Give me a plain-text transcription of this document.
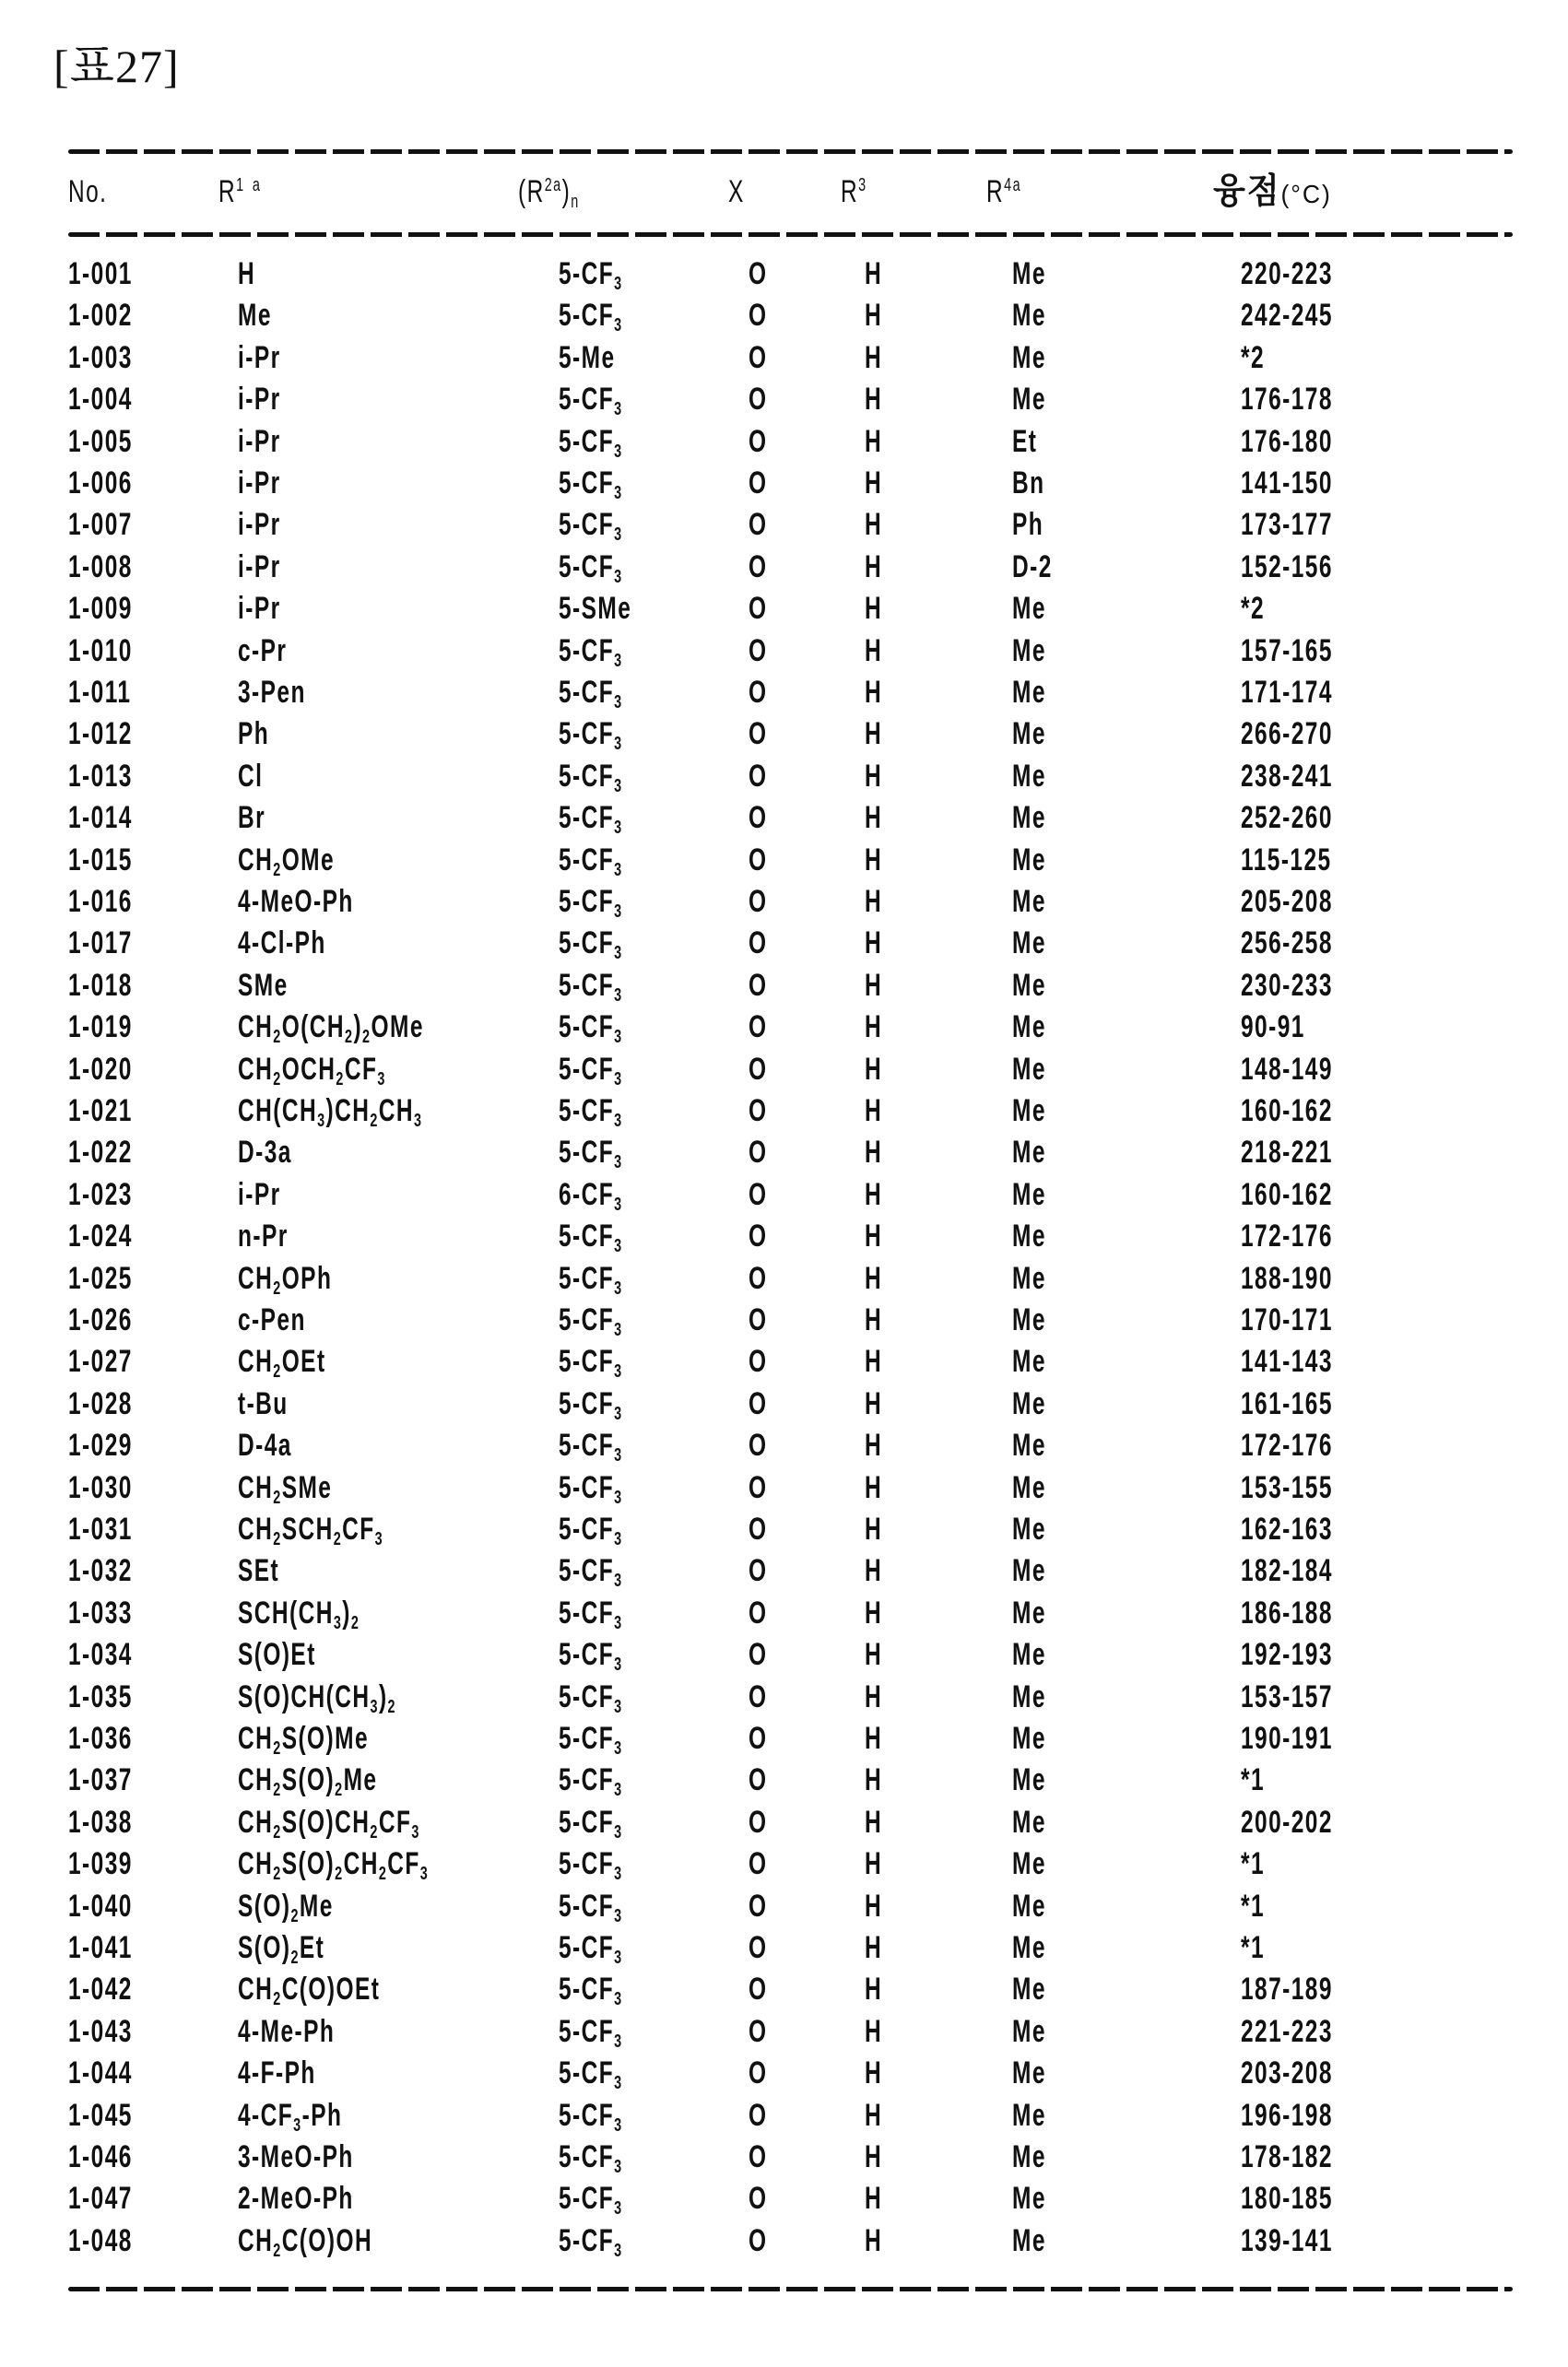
[표27]
No.	$R^1$ $^a$	$(R^{2a})_n$	X	$R^3$	$R^{4a}$	융점(°C)
1-001	H	$5-CF_3$	O	H	Me	220-223
1-002	Me	$5-CF_3$	O	H	Me	242-245
1-003	i-Pr	5-Me	O	H	Me	*2
1-004	i-Pr	$5-CF_3$	O	H	Me	176-178
1-005	i-Pr	$5-CF_3$	O	H	Et	176-180
1-006	i-Pr	$5-CF_3$	O	H	Bn	141-150
1-007	i-Pr	$5-CF_3$	O	H	Ph	173-177
1-008	i-Pr	$5-CF_3$	O	H	D-2	152-156
1-009	i-Pr	5-SMe	O	H	Me	*2
1-010	c-Pr	$5-CF_3$	O	H	Me	157-165
1-011	3-Pen	$5-CF_3$	O	H	Me	171-174
1-012	Ph	$5-CF_3$	O	H	Me	266-270
1-013	Cl	$5-CF_3$	O	H	Me	238-241
1-014	Br	$5-CF_3$	O	H	Me	252-260
1-015	$CH_2OMe$	$5-CF_3$	O	H	Me	115-125
1-016	4-MeO-Ph	$5-CF_3$	O	H	Me	205-208
1-017	4-Cl-Ph	$5-CF_3$	O	H	Me	256-258
1-018	SMe	$5-CF_3$	O	H	Me	230-233
1-019	$CH_2O(CH_2)_2OMe$	$5-CF_3$	O	H	Me	90-91
1-020	$CH_2OCH_2CF_3$	$5-CF_3$	O	H	Me	148-149
1-021	$CH(CH_3)CH_2CH_3$	$5-CF_3$	O	H	Me	160-162
1-022	D-3a	$5-CF_3$	O	H	Me	218-221
1-023	i-Pr	$6-CF_3$	O	H	Me	160-162
1-024	n-Pr	$5-CF_3$	O	H	Me	172-176
1-025	$CH_2OPh$	$5-CF_3$	O	H	Me	188-190
1-026	c-Pen	$5-CF_3$	O	H	Me	170-171
1-027	$CH_2OEt$	$5-CF_3$	O	H	Me	141-143
1-028	t-Bu	$5-CF_3$	O	H	Me	161-165
1-029	D-4a	$5-CF_3$	O	H	Me	172-176
1-030	$CH_2SMe$	$5-CF_3$	O	H	Me	153-155
1-031	$CH_2SCH_2CF_3$	$5-CF_3$	O	H	Me	162-163
1-032	SEt	$5-CF_3$	O	H	Me	182-184
1-033	$SCH(CH_3)_2$	$5-CF_3$	O	H	Me	186-188
1-034	S(O)Et	$5-CF_3$	O	H	Me	192-193
1-035	$S(O)CH(CH_3)_2$	$5-CF_3$	O	H	Me	153-157
1-036	$CH_2S(O)Me$	$5-CF_3$	O	H	Me	190-191
1-037	$CH_2S(O)_2Me$	$5-CF_3$	O	H	Me	*1
1-038	$CH_2S(O)CH_2CF_3$	$5-CF_3$	O	H	Me	200-202
1-039	$CH_2S(O)_2CH_2CF_3$	$5-CF_3$	O	H	Me	*1
1-040	$S(O)_2Me$	$5-CF_3$	O	H	Me	*1
1-041	$S(O)_2Et$	$5-CF_3$	O	H	Me	*1
1-042	$CH_2C(O)OEt$	$5-CF_3$	O	H	Me	187-189
1-043	4-Me-Ph	$5-CF_3$	O	H	Me	221-223
1-044	4-F-Ph	$5-CF_3$	O	H	Me	203-208
1-045	$4-CF_3-Ph$	$5-CF_3$	O	H	Me	196-198
1-046	3-MeO-Ph	$5-CF_3$	O	H	Me	178-182
1-047	2-MeO-Ph	$5-CF_3$	O	H	Me	180-185
1-048	$CH_2C(O)OH$	$5-CF_3$	O	H	Me	139-141
